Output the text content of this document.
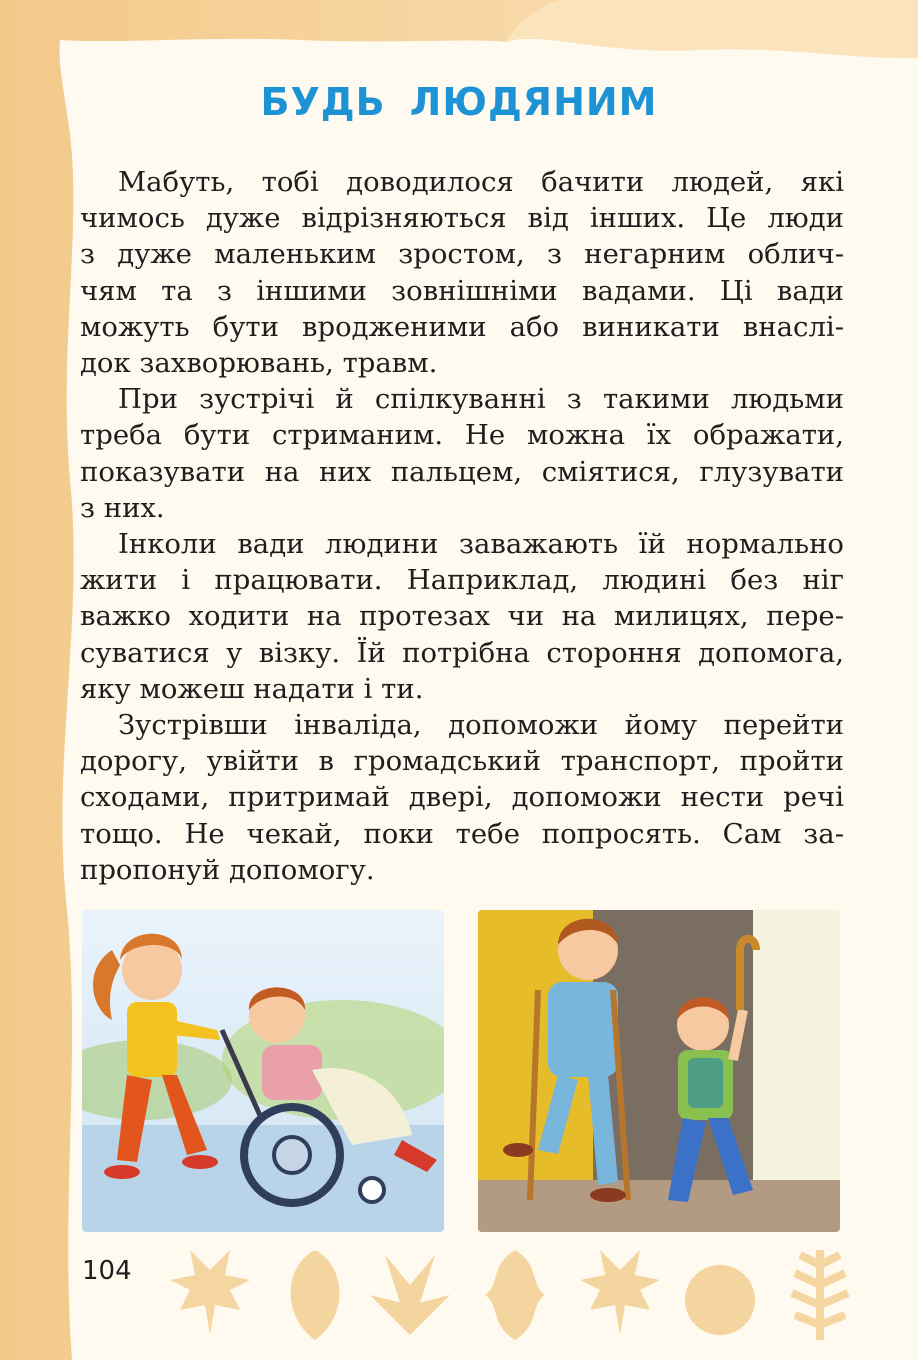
БУДЬ ЛЮДЯНИМ

Мабуть, тобі доводилося бачити людей, які
чимось дуже відрізняються від інших. Це люди
з дуже маленьким зростом, з негарним облич-
чям та з іншими зовнішніми вадами. Ці вади
можуть бути вродженими або виникати внаслі-
док захворювань, травм.

При зустрічі й спілкуванні з такими людьми
треба бути стриманим. Не можна їх ображати,
показувати на них пальцем, сміятися, глузувати
з них.

Інколи вади людини заважають їй нормально
жити і працювати. Наприклад, людині без ніг
важко ходити на протезах чи на милицях, пере-
суватися у візку. Їй потрібна стороння допомога,
яку можеш надати і ти.

Зустрівши інваліда, допоможи йому перейти
дорогу, увійти в громадський транспорт, пройти
сходами, притримай двері, допоможи нести речі
тощо. Не чекай, поки тебе попросять. Сам за-
пропонуй допомогу.

104
